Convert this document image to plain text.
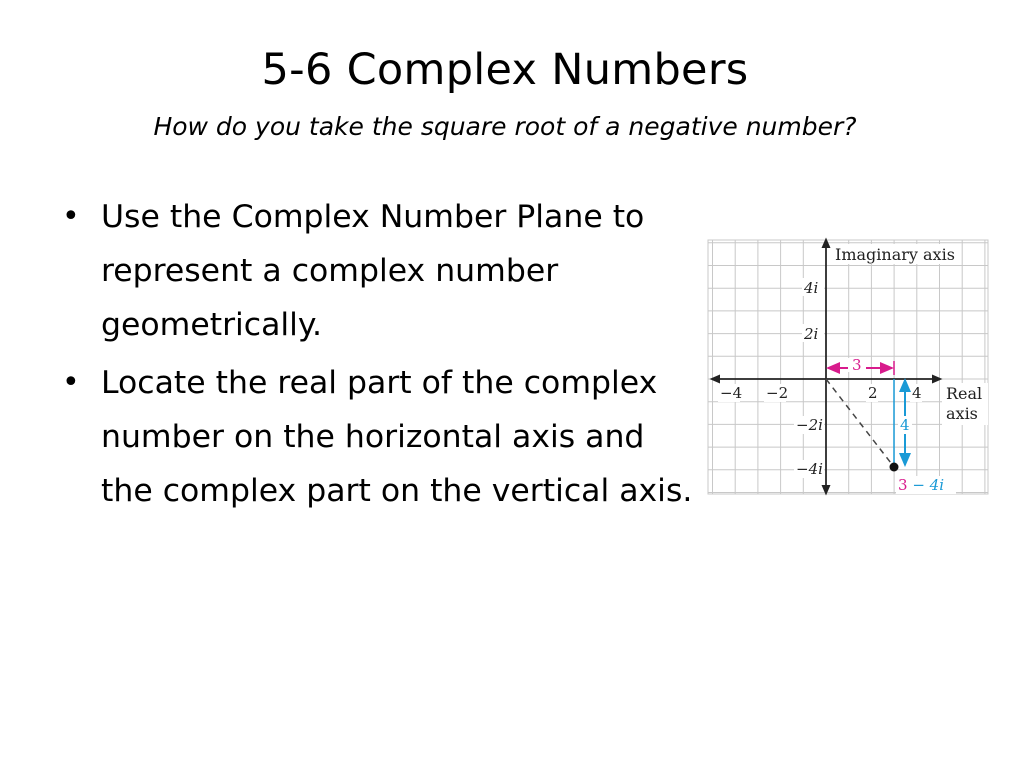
5-6 Complex Numbers
How do you take the square root of a negative number?
• Use the Complex Number Plane to represent a complex number geometrically.
• Locate the real part of the complex number on the horizontal axis and the complex part on the vertical axis.
Imaginary axis
Real
axis
−4 −2	2 4
4i
2i
−2i
−4i
3
4
3 − 4i
